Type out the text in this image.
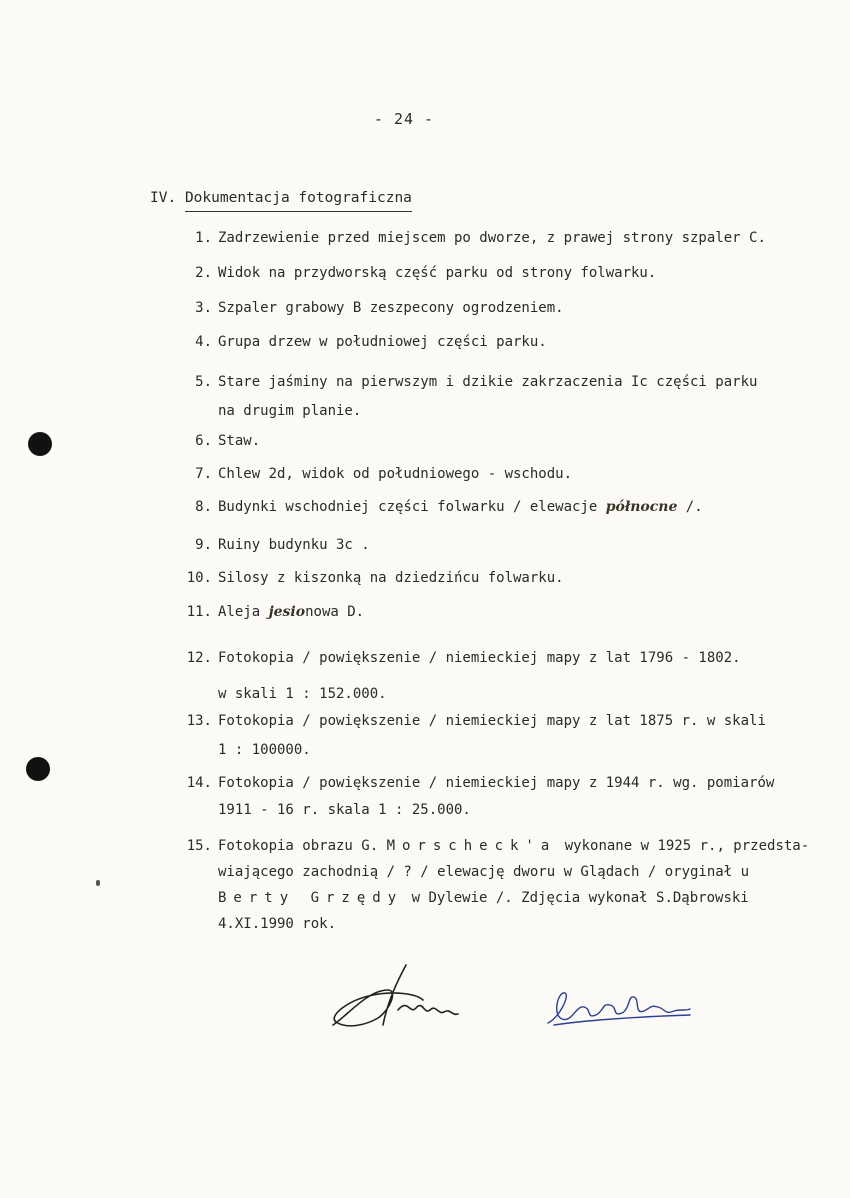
- 24 -
IV. Dokumentacja fotograficzna
1. Zadrzewienie przed miejscem po dworze, z prawej strony szpaler C.
2. Widok na przydworską część parku od strony folwarku.
3. Szpaler grabowy B zeszpecony ogrodzeniem.
4. Grupa drzew w południowej części parku.
5. Stare jaśminy na pierwszym i dzikie zakrzaczenia Ic części parku
na drugim planie.
6. Staw.
7. Chlew 2d, widok od południowego - wschodu.
8. Budynki wschodniej części folwarku / elewacje północne /.
9. Ruiny budynku 3c .
10. Silosy z kiszonką na dziedzińcu folwarku.
11. Aleja jesionowa D.
12. Fotokopia / powiększenie / niemieckiej mapy z lat 1796 - 1802.
w skali 1 : 152.000.
13. Fotokopia / powiększenie / niemieckiej mapy z lat 1875 r. w skali
1 : 100000.
14. Fotokopia / powiększenie / niemieckiej mapy z 1944 r. wg. pomiarów
1911 - 16 r. skala 1 : 25.000.
15. Fotokopia obrazu G. Morscheck'a wykonane w 1925 r., przedsta-
wiającego zachodnią / ? / elewację dworu w Glądach / oryginał u
Berty Grzędy w Dylewie /. Zdjęcia wykonał S.Dąbrowski
4.XI.1990 rok.
